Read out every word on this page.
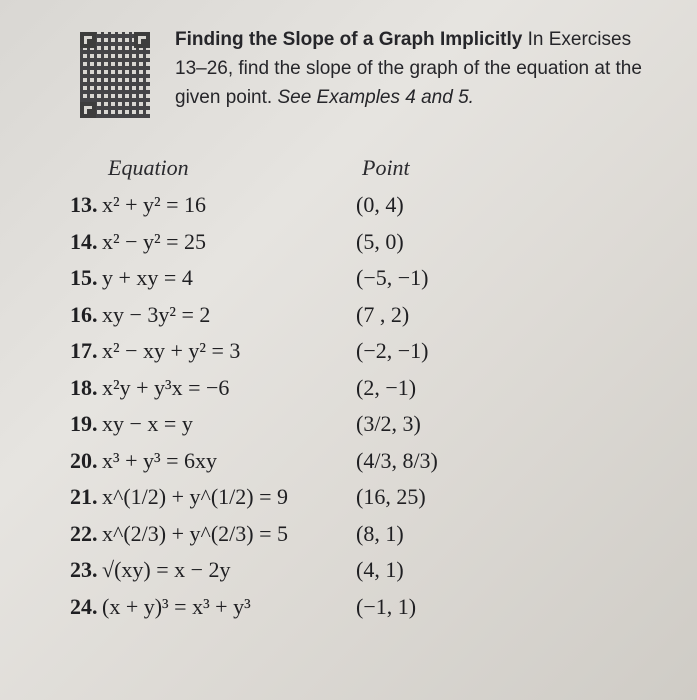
Finding the Slope of a Graph Implicitly In Exercises 13–26, find the slope of the graph of the equation at the given point. See Examples 4 and 5.
Equation	Point
13. x² + y² = 16	(0, 4)
14. x² − y² = 25	(5, 0)
15. y + xy = 4	(−5, −1)
16. xy − 3y² = 2	(7 , 2)
17. x² − xy + y² = 3	(−2, −1)
18. x²y + y³x = −6	(2, −1)
19. xy − x = y	(3/2, 3)
20. x³ + y³ = 6xy	(4/3, 8/3)
21. x^(1/2) + y^(1/2) = 9	(16, 25)
22. x^(2/3) + y^(2/3) = 5	(8, 1)
23. √(xy) = x − 2y	(4, 1)
24. (x + y)³ = x³ + y³	(−1, 1)
